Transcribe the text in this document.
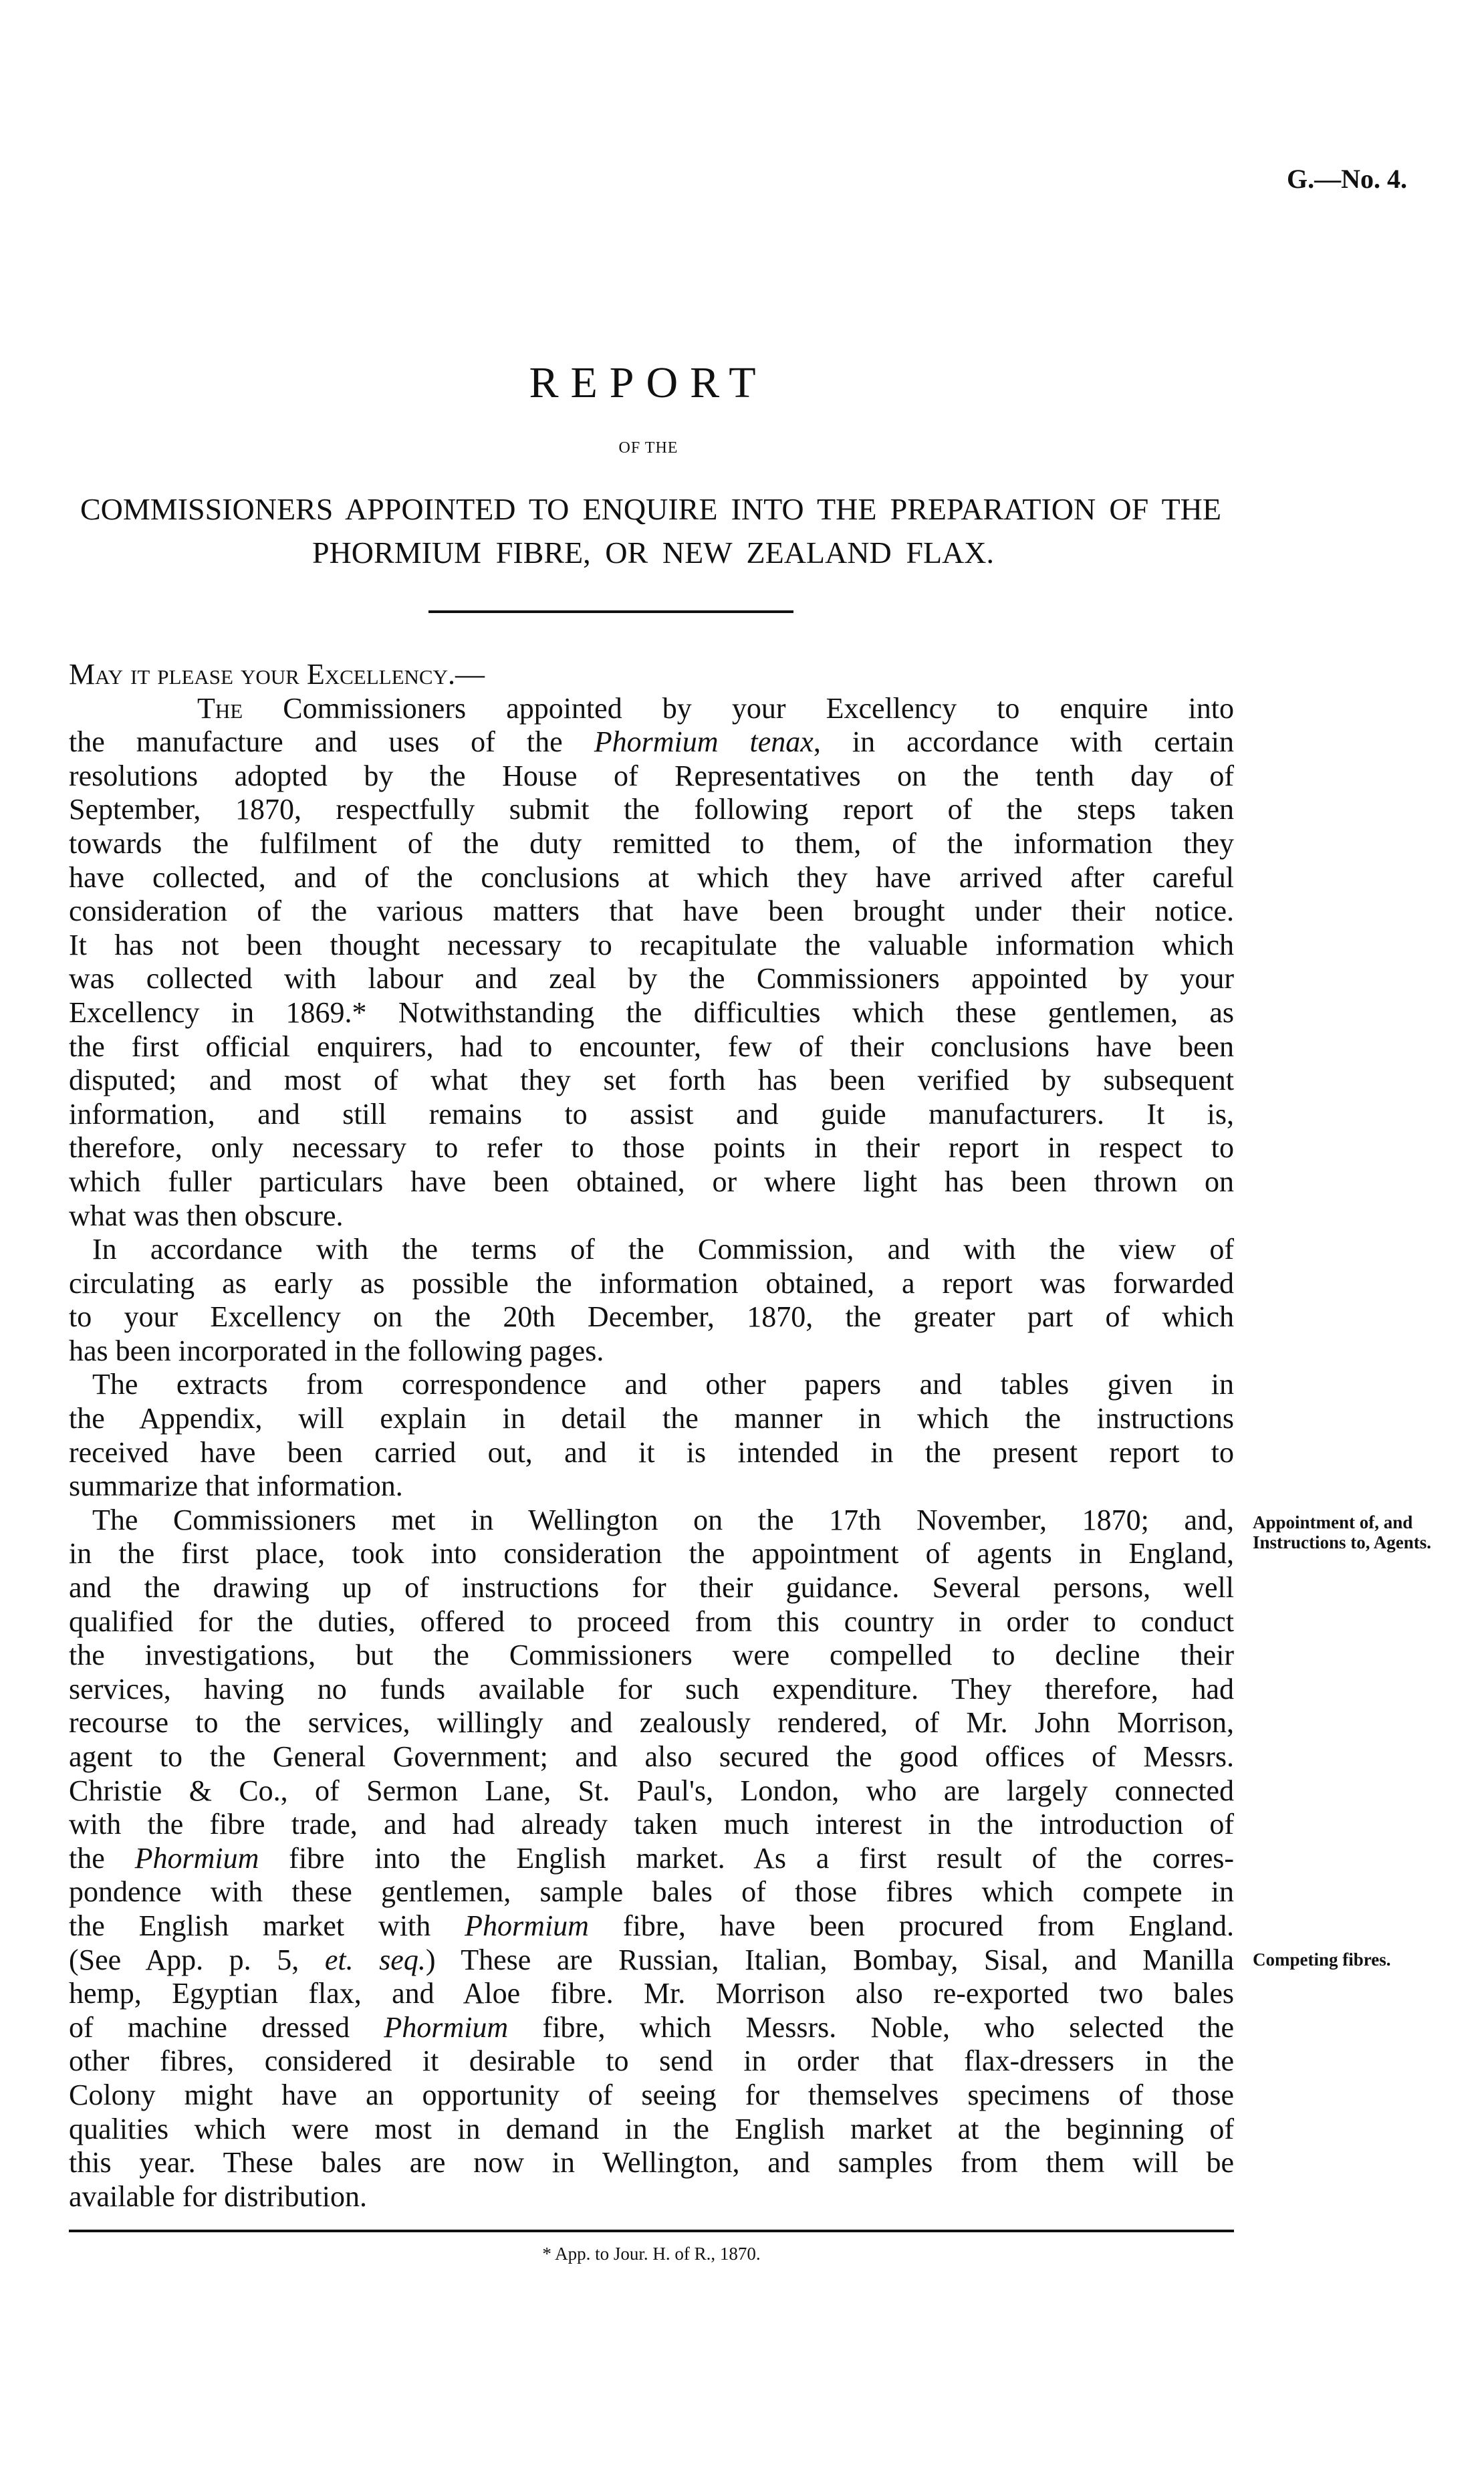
G.—No. 4.
REPORT
OF THE
COMMISSIONERS APPOINTED TO ENQUIRE INTO THE PREPARATION OF THE
PHORMIUM FIBRE, OR NEW ZEALAND FLAX.
May it please your Excellency.—
The Commissioners appointed by your Excellency to enquire into
the manufacture and uses of the Phormium tenax, in accordance with certain
resolutions adopted by the House of Representatives on the tenth day of
September, 1870, respectfully submit the following report of the steps taken
towards the fulfilment of the duty remitted to them, of the information they
have collected, and of the conclusions at which they have arrived after careful
consideration of the various matters that have been brought under their notice.
It has not been thought necessary to recapitulate the valuable information which
was collected with labour and zeal by the Commissioners appointed by your
Excellency in 1869.* Notwithstanding the difficulties which these gentlemen, as
the first official enquirers, had to encounter, few of their conclusions have been
disputed; and most of what they set forth has been verified by subsequent
information, and still remains to assist and guide manufacturers. It is,
therefore, only necessary to refer to those points in their report in respect to
which fuller particulars have been obtained, or where light has been thrown on
what was then obscure.
In accordance with the terms of the Commission, and with the view of
circulating as early as possible the information obtained, a report was forwarded
to your Excellency on the 20th December, 1870, the greater part of which
has been incorporated in the following pages.
The extracts from correspondence and other papers and tables given in
the Appendix, will explain in detail the manner in which the instructions
received have been carried out, and it is intended in the present report to
summarize that information.
The Commissioners met in Wellington on the 17th November, 1870; and,
in the first place, took into consideration the appointment of agents in England,
and the drawing up of instructions for their guidance. Several persons, well
qualified for the duties, offered to proceed from this country in order to conduct
the investigations, but the Commissioners were compelled to decline their
services, having no funds available for such expenditure. They therefore, had
recourse to the services, willingly and zealously rendered, of Mr. John Morrison,
agent to the General Government; and also secured the good offices of Messrs.
Christie & Co., of Sermon Lane, St. Paul's, London, who are largely connected
with the fibre trade, and had already taken much interest in the introduction of
the Phormium fibre into the English market. As a first result of the corres-
pondence with these gentlemen, sample bales of those fibres which compete in
the English market with Phormium fibre, have been procured from England.
(See App. p. 5, et. seq.) These are Russian, Italian, Bombay, Sisal, and Manilla
hemp, Egyptian flax, and Aloe fibre. Mr. Morrison also re-exported two bales
of machine dressed Phormium fibre, which Messrs. Noble, who selected the
other fibres, considered it desirable to send in order that flax-dressers in the
Colony might have an opportunity of seeing for themselves specimens of those
qualities which were most in demand in the English market at the beginning of
this year. These bales are now in Wellington, and samples from them will be
available for distribution.
Appointment of, and Instructions to, Agents.
Competing fibres.
* App. to Jour. H. of R., 1870.
